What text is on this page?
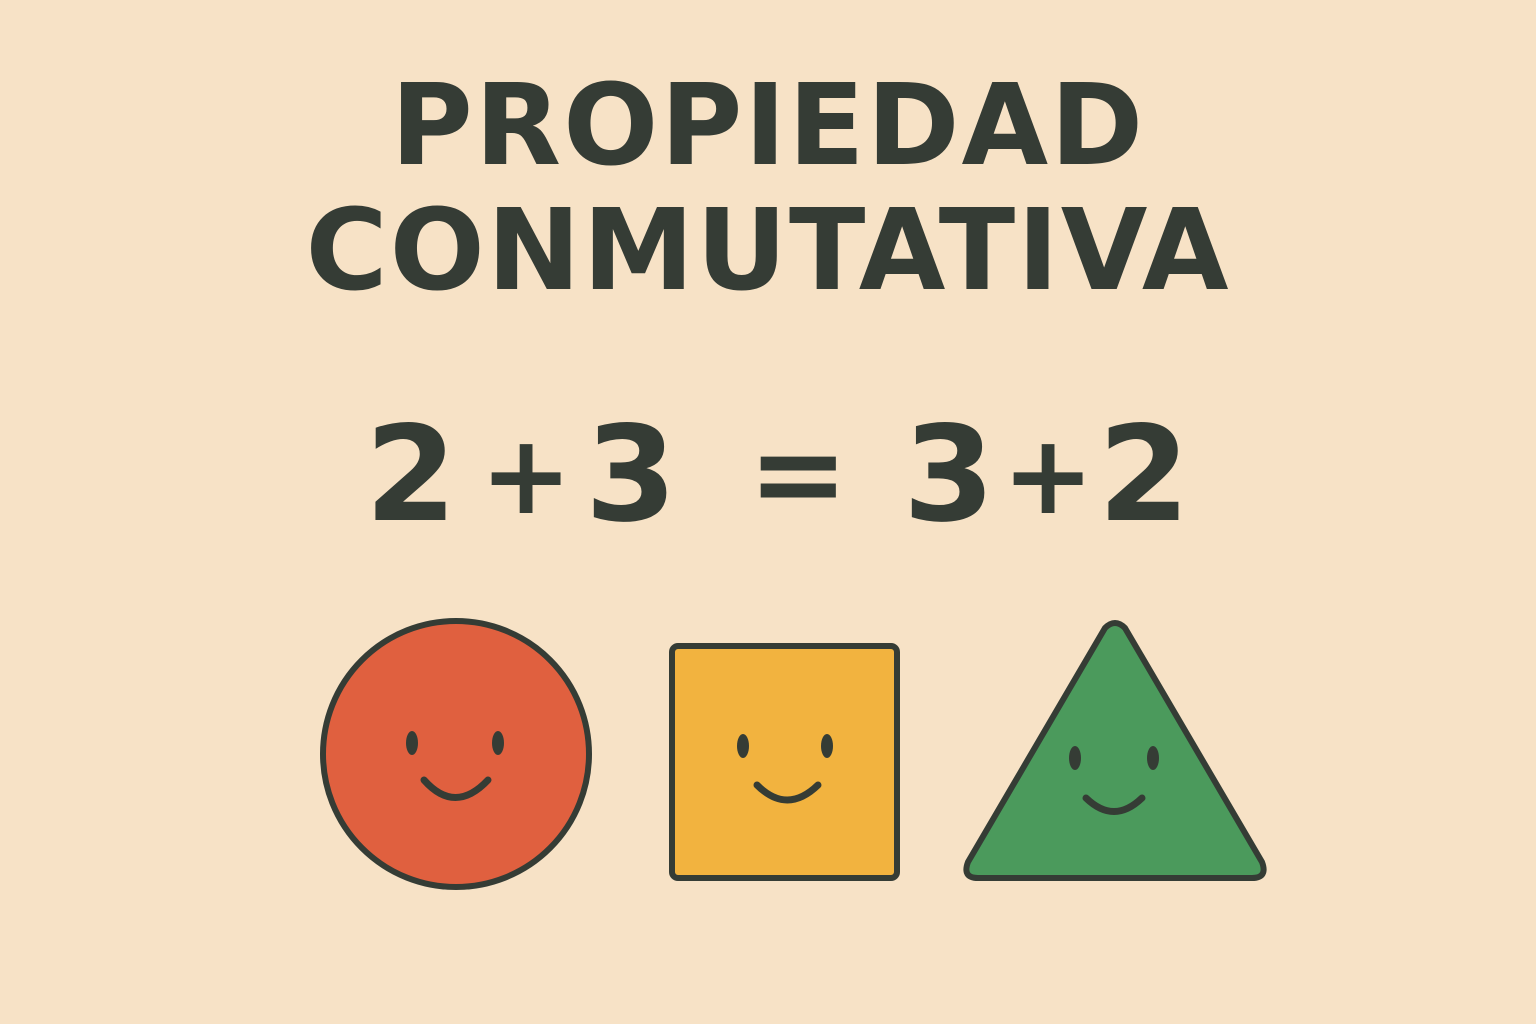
PROPIEDAD
CONMUTATIVA
2 + 3 = 3 + 2
